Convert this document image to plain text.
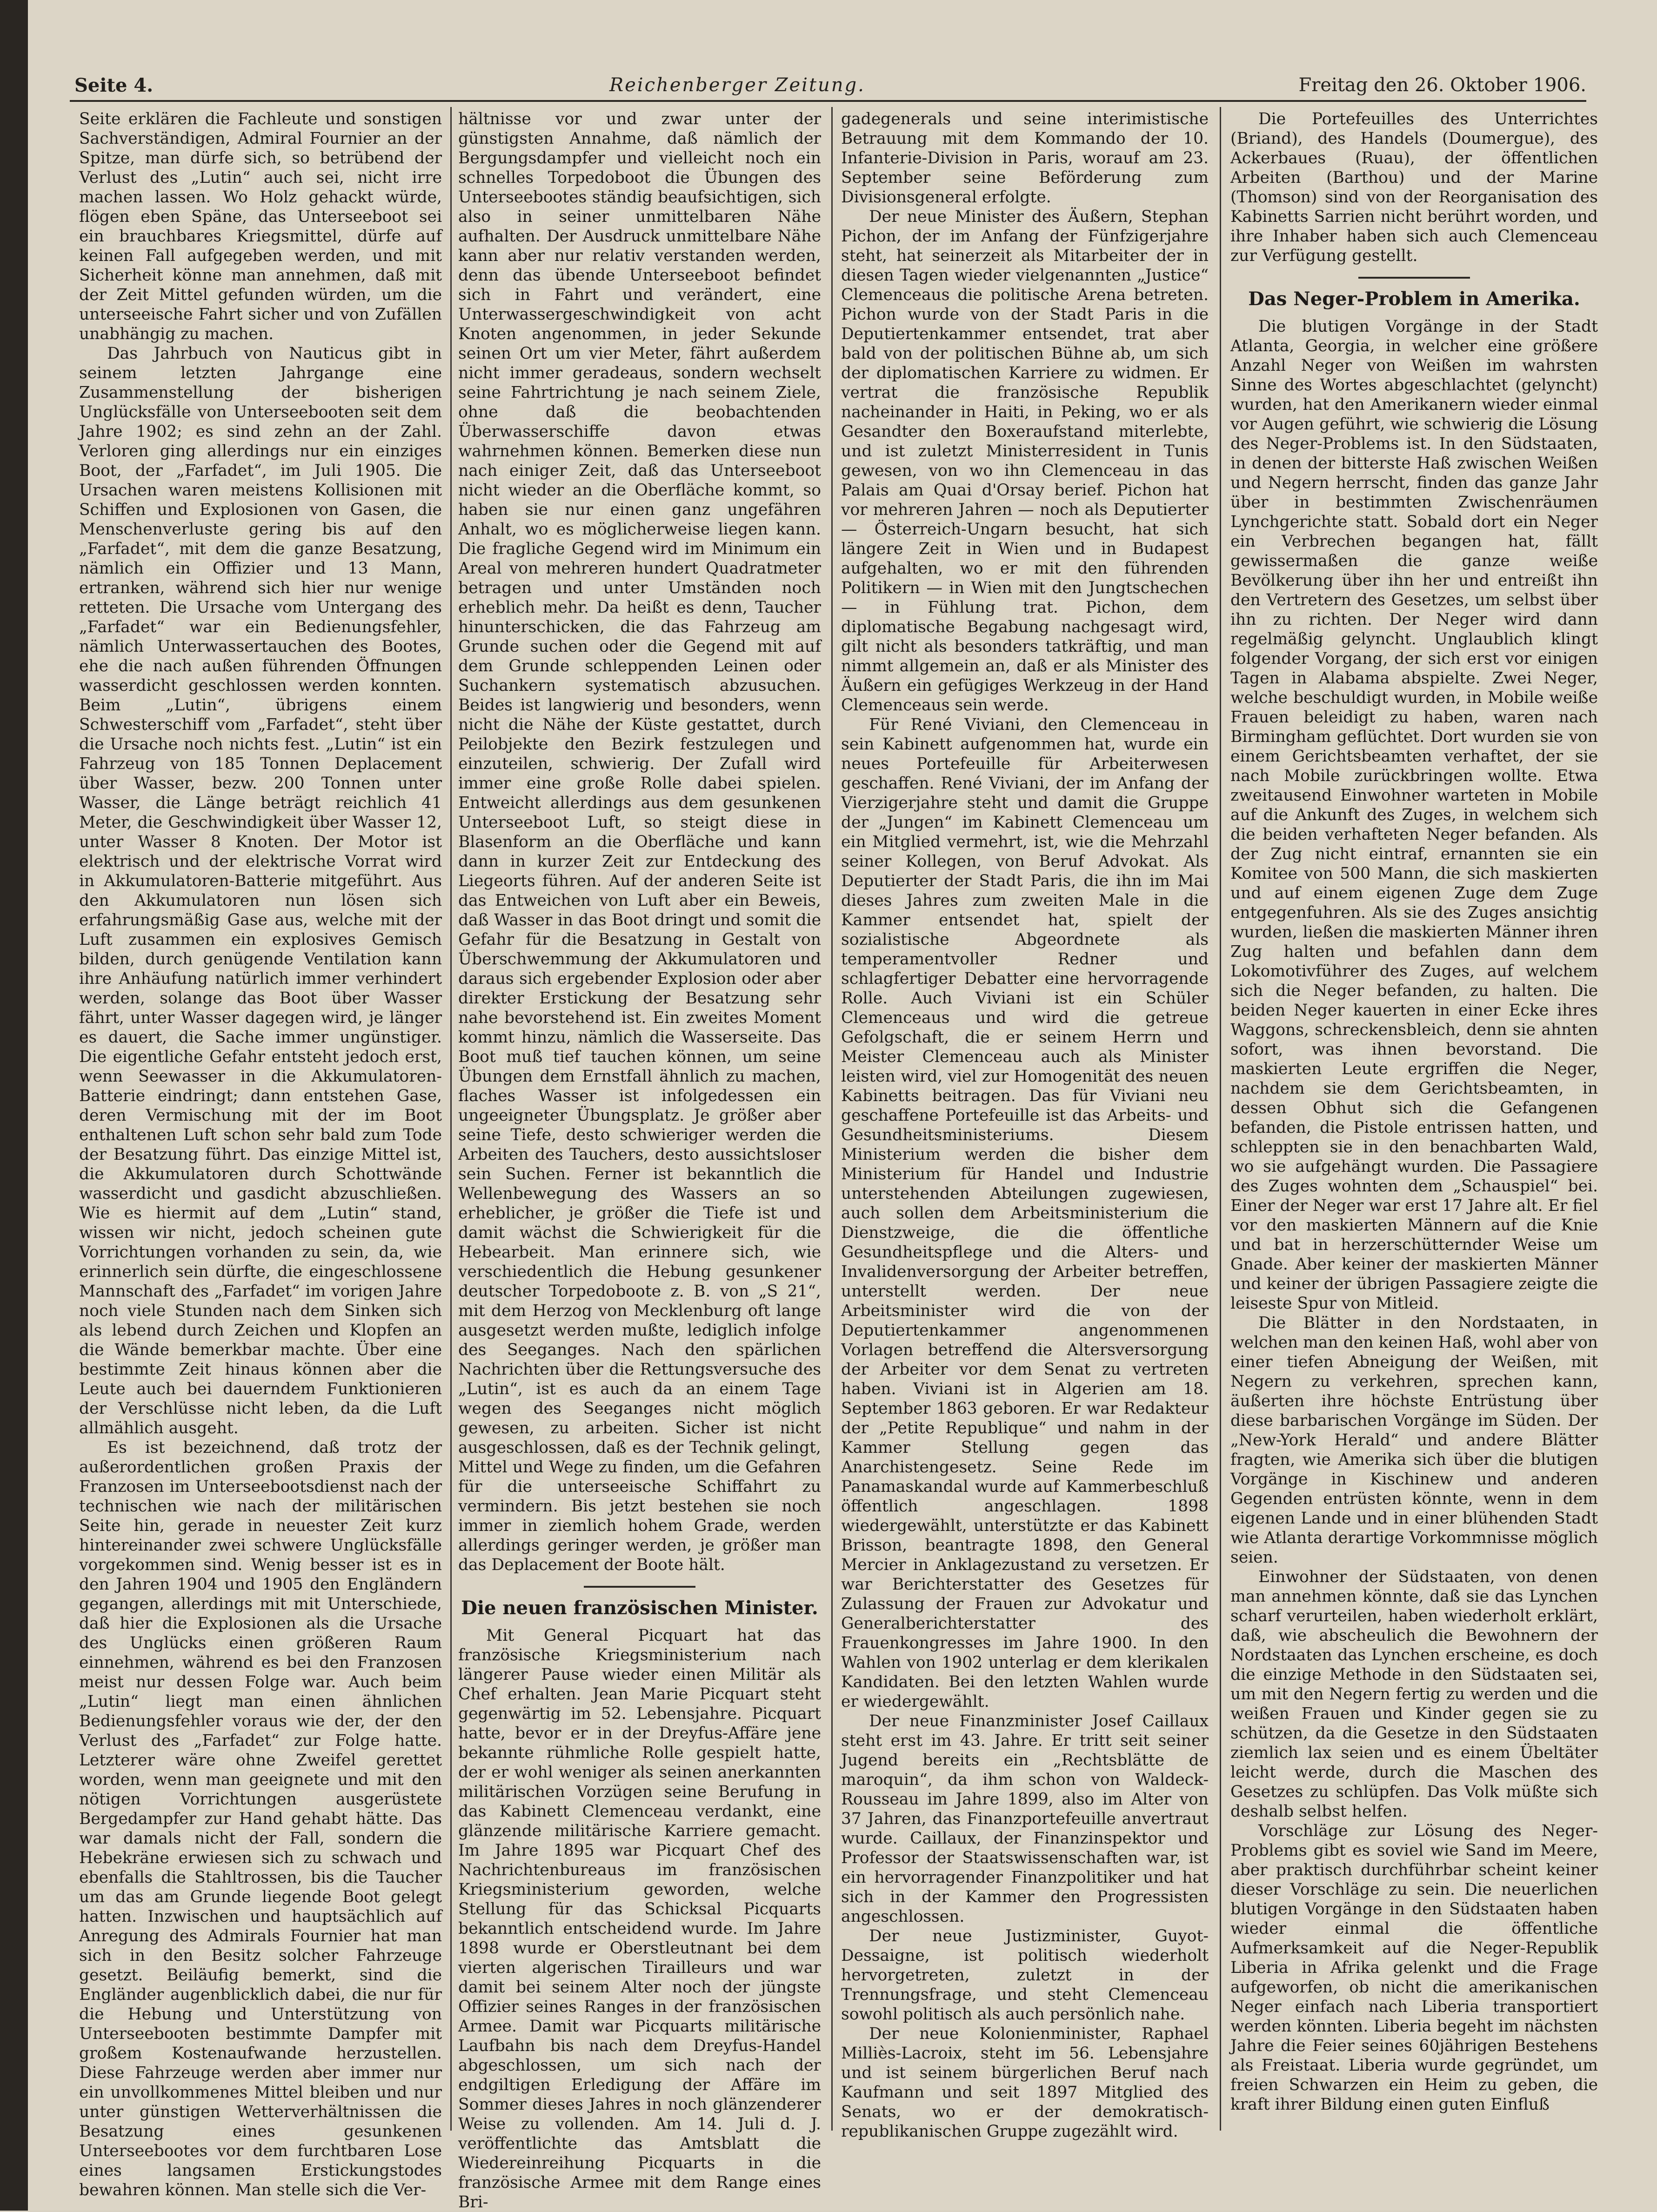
Seite 4.	Reichenberger Zeitung.	Freitag den 26. Oktober 1906.

Seite erklären die Fachleute und sonstigen Sachverständigen, Admiral Fournier an der Spitze, man dürfe sich, so betrübend der Verlust des „Lutin“ auch sei, nicht irre machen lassen. Wo Holz gehackt würde, flögen eben Späne, das Unterseeboot sei ein brauchbares Kriegsmittel, dürfe auf keinen Fall aufgegeben werden, und mit Sicherheit könne man annehmen, daß mit der Zeit Mittel gefunden würden, um die unterseeische Fahrt sicher und von Zufällen unabhängig zu machen.

Das Jahrbuch von Nauticus gibt in seinem letzten Jahrgange eine Zusammenstellung der bisherigen Unglücksfälle von Unterseebooten seit dem Jahre 1902; es sind zehn an der Zahl. Verloren ging allerdings nur ein einziges Boot, der „Farfadet“, im Juli 1905. Die Ursachen waren meistens Kollisionen mit Schiffen und Explosionen von Gasen, die Menschenverluste gering bis auf den „Farfadet“, mit dem die ganze Besatzung, nämlich ein Offizier und 13 Mann, ertranken, während sich hier nur wenige retteten. Die Ursache vom Untergang des „Farfadet“ war ein Bedienungsfehler, nämlich Unterwassertauchen des Bootes, ehe die nach außen führenden Öffnungen wasserdicht geschlossen werden konnten. Beim „Lutin“, übrigens einem Schwesterschiff vom „Farfadet“, steht über die Ursache noch nichts fest. „Lutin“ ist ein Fahrzeug von 185 Tonnen Deplacement über Wasser, bezw. 200 Tonnen unter Wasser, die Länge beträgt reichlich 41 Meter, die Geschwindigkeit über Wasser 12, unter Wasser 8 Knoten. Der Motor ist elektrisch und der elektrische Vorrat wird in Akkumulatoren-Batterie mitgeführt. Aus den Akkumulatoren nun lösen sich erfahrungsmäßig Gase aus, welche mit der Luft zusammen ein explosives Gemisch bilden, durch genügende Ventilation kann ihre Anhäufung natürlich immer verhindert werden, solange das Boot über Wasser fährt, unter Wasser dagegen wird, je länger es dauert, die Sache immer ungünstiger. Die eigentliche Gefahr entsteht jedoch erst, wenn Seewasser in die Akkumulatoren-Batterie eindringt; dann entstehen Gase, deren Vermischung mit der im Boot enthaltenen Luft schon sehr bald zum Tode der Besatzung führt. Das einzige Mittel ist, die Akkumulatoren durch Schottwände wasserdicht und gasdicht abzuschließen. Wie es hiermit auf dem „Lutin“ stand, wissen wir nicht, jedoch scheinen gute Vorrichtungen vorhanden zu sein, da, wie erinnerlich sein dürfte, die eingeschlossene Mannschaft des „Farfadet“ im vorigen Jahre noch viele Stunden nach dem Sinken sich als lebend durch Zeichen und Klopfen an die Wände bemerkbar machte. Über eine bestimmte Zeit hinaus können aber die Leute auch bei dauerndem Funktionieren der Verschlüsse nicht leben, da die Luft allmählich ausgeht.

Es ist bezeichnend, daß trotz der außerordentlichen großen Praxis der Franzosen im Unterseebootsdienst nach der technischen wie nach der militärischen Seite hin, gerade in neuester Zeit kurz hintereinander zwei schwere Unglücksfälle vorgekommen sind. Wenig besser ist es in den Jahren 1904 und 1905 den Engländern gegangen, allerdings mit mit Unterschiede, daß hier die Explosionen als die Ursache des Unglücks einen größeren Raum einnehmen, während es bei den Franzosen meist nur dessen Folge war. Auch beim „Lutin“ liegt man einen ähnlichen Bedienungsfehler voraus wie der, der den Verlust des „Farfadet“ zur Folge hatte. Letzterer wäre ohne Zweifel gerettet worden, wenn man geeignete und mit den nötigen Vorrichtungen ausgerüstete Bergedampfer zur Hand gehabt hätte. Das war damals nicht der Fall, sondern die Hebekräne erwiesen sich zu schwach und ebenfalls die Stahltrossen, bis die Taucher um das am Grunde liegende Boot gelegt hatten. Inzwischen und hauptsächlich auf Anregung des Admirals Fournier hat man sich in den Besitz solcher Fahrzeuge gesetzt. Beiläufig bemerkt, sind die Engländer augenblicklich dabei, die nur für die Hebung und Unterstützung von Unterseebooten bestimmte Dampfer mit großem Kostenaufwande herzustellen. Diese Fahrzeuge werden aber immer nur ein unvollkommenes Mittel bleiben und nur unter günstigen Wetterverhältnissen die Besatzung eines gesunkenen Unterseebootes vor dem furchtbaren Lose eines langsamen Erstickungstodes bewahren können. Man stelle sich die Ver-

hältnisse vor und zwar unter der günstigsten Annahme, daß nämlich der Bergungsdampfer und vielleicht noch ein schnelles Torpedoboot die Übungen des Unterseebootes ständig beaufsichtigen, sich also in seiner unmittelbaren Nähe aufhalten. Der Ausdruck unmittelbare Nähe kann aber nur relativ verstanden werden, denn das übende Unterseeboot befindet sich in Fahrt und verändert, eine Unterwassergeschwindigkeit von acht Knoten angenommen, in jeder Sekunde seinen Ort um vier Meter, fährt außerdem nicht immer geradeaus, sondern wechselt seine Fahrtrichtung je nach seinem Ziele, ohne daß die beobachtenden Überwasserschiffe davon etwas wahrnehmen können. Bemerken diese nun nach einiger Zeit, daß das Unterseeboot nicht wieder an die Oberfläche kommt, so haben sie nur einen ganz ungefähren Anhalt, wo es möglicherweise liegen kann. Die fragliche Gegend wird im Minimum ein Areal von mehreren hundert Quadratmeter betragen und unter Umständen noch erheblich mehr. Da heißt es denn, Taucher hinunterschicken, die das Fahrzeug am Grunde suchen oder die Gegend mit auf dem Grunde schleppenden Leinen oder Suchankern systematisch abzusuchen. Beides ist langwierig und besonders, wenn nicht die Nähe der Küste gestattet, durch Peilobjekte den Bezirk festzulegen und einzuteilen, schwierig. Der Zufall wird immer eine große Rolle dabei spielen. Entweicht allerdings aus dem gesunkenen Unterseeboot Luft, so steigt diese in Blasenform an die Oberfläche und kann dann in kurzer Zeit zur Entdeckung des Liegeorts führen. Auf der anderen Seite ist das Entweichen von Luft aber ein Beweis, daß Wasser in das Boot dringt und somit die Gefahr für die Besatzung in Gestalt von Überschwemmung der Akkumulatoren und daraus sich ergebender Explosion oder aber direkter Erstickung der Besatzung sehr nahe bevorstehend ist. Ein zweites Moment kommt hinzu, nämlich die Wasserseite. Das Boot muß tief tauchen können, um seine Übungen dem Ernstfall ähnlich zu machen, flaches Wasser ist infolgedessen ein ungeeigneter Übungsplatz. Je größer aber seine Tiefe, desto schwieriger werden die Arbeiten des Tauchers, desto aussichtsloser sein Suchen. Ferner ist bekanntlich die Wellenbewegung des Wassers an so erheblicher, je größer die Tiefe ist und damit wächst die Schwierigkeit für die Hebearbeit. Man erinnere sich, wie verschiedentlich die Hebung gesunkener deutscher Torpedoboote z. B. von „S 21“, mit dem Herzog von Mecklenburg oft lange ausgesetzt werden mußte, lediglich infolge des Seeganges. Nach den spärlichen Nachrichten über die Rettungsversuche des „Lutin“, ist es auch da an einem Tage wegen des Seeganges nicht möglich gewesen, zu arbeiten. Sicher ist nicht ausgeschlossen, daß es der Technik gelingt, Mittel und Wege zu finden, um die Gefahren für die unterseeische Schiffahrt zu vermindern. Bis jetzt bestehen sie noch immer in ziemlich hohem Grade, werden allerdings geringer werden, je größer man das Deplacement der Boote hält.

Die neuen französischen Minister.

Mit General Picquart hat das französische Kriegsministerium nach längerer Pause wieder einen Militär als Chef erhalten. Jean Marie Picquart steht gegenwärtig im 52. Lebensjahre. Picquart hatte, bevor er in der Dreyfus-Affäre jene bekannte rühmliche Rolle gespielt hatte, der er wohl weniger als seinen anerkannten militärischen Vorzügen seine Berufung in das Kabinett Clemenceau verdankt, eine glänzende militärische Karriere gemacht. Im Jahre 1895 war Picquart Chef des Nachrichtenbureaus im französischen Kriegsministerium geworden, welche Stellung für das Schicksal Picquarts bekanntlich entscheidend wurde. Im Jahre 1898 wurde er Oberstleutnant bei dem vierten algerischen Tirailleurs und war damit bei seinem Alter noch der jüngste Offizier seines Ranges in der französischen Armee. Damit war Picquarts militärische Laufbahn bis nach dem Dreyfus-Handel abgeschlossen, um sich nach der endgiltigen Erledigung der Affäre im Sommer dieses Jahres in noch glänzenderer Weise zu vollenden. Am 14. Juli d. J. veröffentlichte das Amtsblatt die Wiedereinreihung Picquarts in die französische Armee mit dem Range eines Bri-

gadegenerals und seine interimistische Betrauung mit dem Kommando der 10. Infanterie-Division in Paris, worauf am 23. September seine Beförderung zum Divisionsgeneral erfolgte.

Der neue Minister des Äußern, Stephan Pichon, der im Anfang der Fünfzigerjahre steht, hat seinerzeit als Mitarbeiter der in diesen Tagen wieder vielgenannten „Justice“ Clemenceaus die politische Arena betreten. Pichon wurde von der Stadt Paris in die Deputiertenkammer entsendet, trat aber bald von der politischen Bühne ab, um sich der diplomatischen Karriere zu widmen. Er vertrat die französische Republik nacheinander in Haiti, in Peking, wo er als Gesandter den Boxeraufstand miterlebte, und ist zuletzt Ministerresident in Tunis gewesen, von wo ihn Clemenceau in das Palais am Quai d'Orsay berief. Pichon hat vor mehreren Jahren — noch als Deputierter — Österreich-Ungarn besucht, hat sich längere Zeit in Wien und in Budapest aufgehalten, wo er mit den führenden Politikern — in Wien mit den Jungtschechen — in Fühlung trat. Pichon, dem diplomatische Begabung nachgesagt wird, gilt nicht als besonders tatkräftig, und man nimmt allgemein an, daß er als Minister des Äußern ein gefügiges Werkzeug in der Hand Clemenceaus sein werde.

Für René Viviani, den Clemenceau in sein Kabinett aufgenommen hat, wurde ein neues Portefeuille für Arbeiterwesen geschaffen. René Viviani, der im Anfang der Vierzigerjahre steht und damit die Gruppe der „Jungen“ im Kabinett Clemenceau um ein Mitglied vermehrt, ist, wie die Mehrzahl seiner Kollegen, von Beruf Advokat. Als Deputierter der Stadt Paris, die ihn im Mai dieses Jahres zum zweiten Male in die Kammer entsendet hat, spielt der sozialistische Abgeordnete als temperamentvoller Redner und schlagfertiger Debatter eine hervorragende Rolle. Auch Viviani ist ein Schüler Clemenceaus und wird die getreue Gefolgschaft, die er seinem Herrn und Meister Clemenceau auch als Minister leisten wird, viel zur Homogenität des neuen Kabinetts beitragen. Das für Viviani neu geschaffene Portefeuille ist das Arbeits- und Gesundheitsministeriums. Diesem Ministerium werden die bisher dem Ministerium für Handel und Industrie unterstehenden Abteilungen zugewiesen, auch sollen dem Arbeitsministerium die Dienstzweige, die die öffentliche Gesundheitspflege und die Alters- und Invalidenversorgung der Arbeiter betreffen, unterstellt werden. Der neue Arbeitsminister wird die von der Deputiertenkammer angenommenen Vorlagen betreffend die Altersversorgung der Arbeiter vor dem Senat zu vertreten haben. Viviani ist in Algerien am 18. September 1863 geboren. Er war Redakteur der „Petite Republique“ und nahm in der Kammer Stellung gegen das Anarchistengesetz. Seine Rede im Panamaskandal wurde auf Kammerbeschluß öffentlich angeschlagen. 1898 wiedergewählt, unterstützte er das Kabinett Brisson, beantragte 1898, den General Mercier in Anklagezustand zu versetzen. Er war Berichterstatter des Gesetzes für Zulassung der Frauen zur Advokatur und Generalberichterstatter des Frauenkongresses im Jahre 1900. In den Wahlen von 1902 unterlag er dem klerikalen Kandidaten. Bei den letzten Wahlen wurde er wiedergewählt.

Der neue Finanzminister Josef Caillaux steht erst im 43. Jahre. Er tritt seit seiner Jugend bereits ein „Rechtsblätte de maroquin“, da ihm schon von Waldeck-Rousseau im Jahre 1899, also im Alter von 37 Jahren, das Finanzportefeuille anvertraut wurde. Caillaux, der Finanzinspektor und Professor der Staatswissenschaften war, ist ein hervorragender Finanzpolitiker und hat sich in der Kammer den Progressisten angeschlossen.

Der neue Justizminister, Guyot-Dessaigne, ist politisch wiederholt hervorgetreten, zuletzt in der Trennungsfrage, und steht Clemenceau sowohl politisch als auch persönlich nahe.

Der neue Kolonienminister, Raphael Milliès-Lacroix, steht im 56. Lebensjahre und ist seinem bürgerlichen Beruf nach Kaufmann und seit 1897 Mitglied des Senats, wo er der demokratisch-republikanischen Gruppe zugezählt wird.

Die Portefeuilles des Unterrichtes (Briand), des Handels (Doumergue), des Ackerbaues (Ruau), der öffentlichen Arbeiten (Barthou) und der Marine (Thomson) sind von der Reorganisation des Kabinetts Sarrien nicht berührt worden, und ihre Inhaber haben sich auch Clemenceau zur Verfügung gestellt.

Das Neger-Problem in Amerika.

Die blutigen Vorgänge in der Stadt Atlanta, Georgia, in welcher eine größere Anzahl Neger von Weißen im wahrsten Sinne des Wortes abgeschlachtet (gelyncht) wurden, hat den Amerikanern wieder einmal vor Augen geführt, wie schwierig die Lösung des Neger-Problems ist. In den Südstaaten, in denen der bitterste Haß zwischen Weißen und Negern herrscht, finden das ganze Jahr über in bestimmten Zwischenräumen Lynchgerichte statt. Sobald dort ein Neger ein Verbrechen begangen hat, fällt gewissermaßen die ganze weiße Bevölkerung über ihn her und entreißt ihn den Vertretern des Gesetzes, um selbst über ihn zu richten. Der Neger wird dann regelmäßig gelyncht. Unglaublich klingt folgender Vorgang, der sich erst vor einigen Tagen in Alabama abspielte. Zwei Neger, welche beschuldigt wurden, in Mobile weiße Frauen beleidigt zu haben, waren nach Birmingham geflüchtet. Dort wurden sie von einem Gerichtsbeamten verhaftet, der sie nach Mobile zurückbringen wollte. Etwa zweitausend Einwohner warteten in Mobile auf die Ankunft des Zuges, in welchem sich die beiden verhafteten Neger befanden. Als der Zug nicht eintraf, ernannten sie ein Komitee von 500 Mann, die sich maskierten und auf einem eigenen Zuge dem Zuge entgegenfuhren. Als sie des Zuges ansichtig wurden, ließen die maskierten Männer ihren Zug halten und befahlen dann dem Lokomotivführer des Zuges, auf welchem sich die Neger befanden, zu halten. Die beiden Neger kauerten in einer Ecke ihres Waggons, schreckensbleich, denn sie ahnten sofort, was ihnen bevorstand. Die maskierten Leute ergriffen die Neger, nachdem sie dem Gerichtsbeamten, in dessen Obhut sich die Gefangenen befanden, die Pistole entrissen hatten, und schleppten sie in den benachbarten Wald, wo sie aufgehängt wurden. Die Passagiere des Zuges wohnten dem „Schauspiel“ bei. Einer der Neger war erst 17 Jahre alt. Er fiel vor den maskierten Männern auf die Knie und bat in herzerschütternder Weise um Gnade. Aber keiner der maskierten Männer und keiner der übrigen Passagiere zeigte die leiseste Spur von Mitleid.

Die Blätter in den Nordstaaten, in welchen man den keinen Haß, wohl aber von einer tiefen Abneigung der Weißen, mit Negern zu verkehren, sprechen kann, äußerten ihre höchste Entrüstung über diese barbarischen Vorgänge im Süden. Der „New-York Herald“ und andere Blätter fragten, wie Amerika sich über die blutigen Vorgänge in Kischinew und anderen Gegenden entrüsten könnte, wenn in dem eigenen Lande und in einer blühenden Stadt wie Atlanta derartige Vorkommnisse möglich seien.

Einwohner der Südstaaten, von denen man annehmen könnte, daß sie das Lynchen scharf verurteilen, haben wiederholt erklärt, daß, wie abscheulich die Bewohnern der Nordstaaten das Lynchen erscheine, es doch die einzige Methode in den Südstaaten sei, um mit den Negern fertig zu werden und die weißen Frauen und Kinder gegen sie zu schützen, da die Gesetze in den Südstaaten ziemlich lax seien und es einem Übeltäter leicht werde, durch die Maschen des Gesetzes zu schlüpfen. Das Volk müßte sich deshalb selbst helfen.

Vorschläge zur Lösung des Neger-Problems gibt es soviel wie Sand im Meere, aber praktisch durchführbar scheint keiner dieser Vorschläge zu sein. Die neuerlichen blutigen Vorgänge in den Südstaaten haben wieder einmal die öffentliche Aufmerksamkeit auf die Neger-Republik Liberia in Afrika gelenkt und die Frage aufgeworfen, ob nicht die amerikanischen Neger einfach nach Liberia transportiert werden könnten. Liberia begeht im nächsten Jahre die Feier seines 60jährigen Bestehens als Freistaat. Liberia wurde gegründet, um freien Schwarzen ein Heim zu geben, die kraft ihrer Bildung einen guten Einfluß
